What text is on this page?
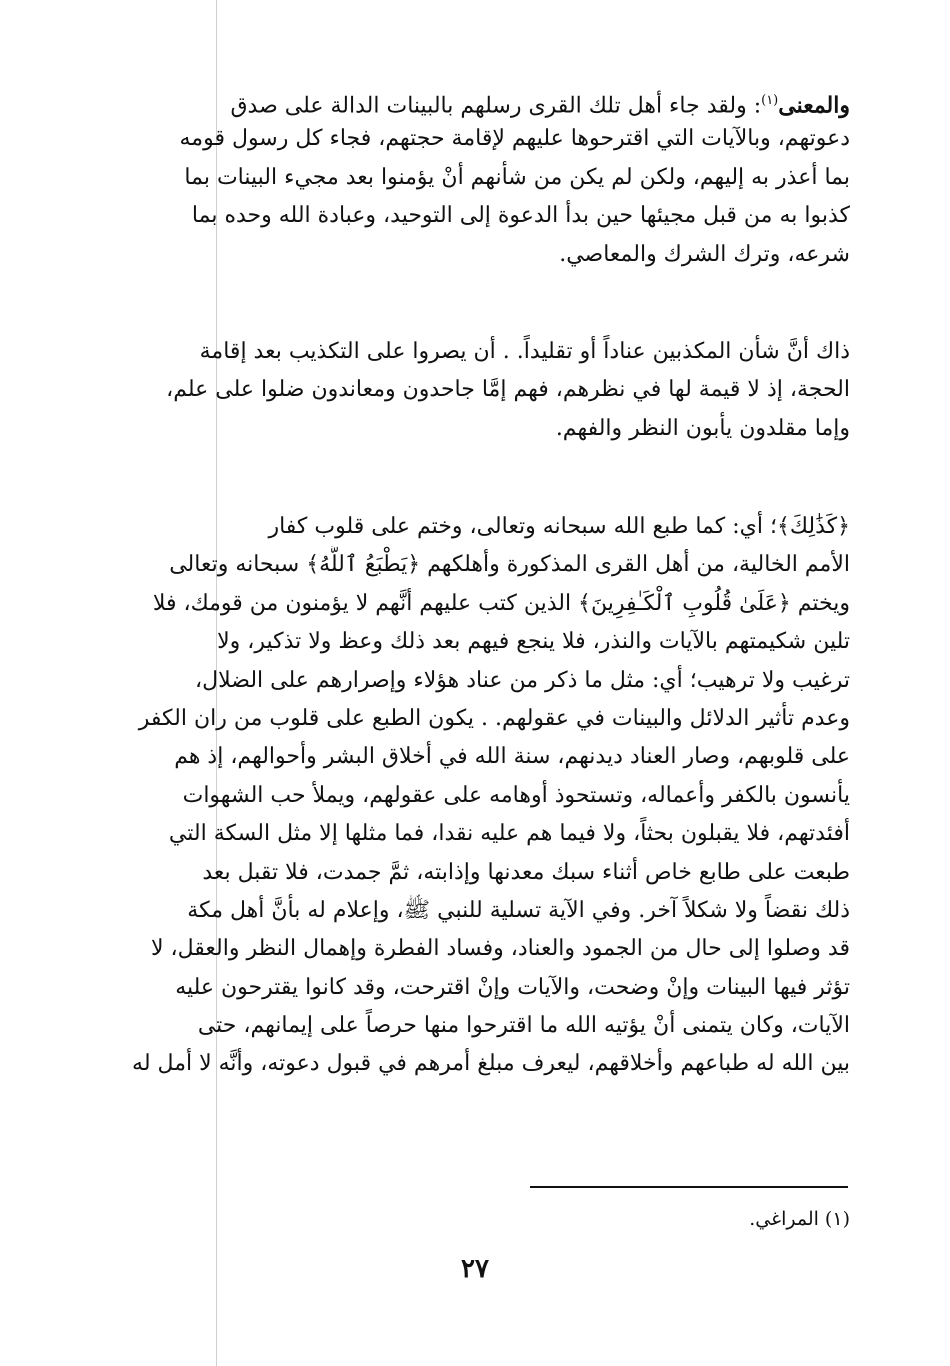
والمعنى$^{(١)}$: ولقد جاء أهل تلك القرى رسلهم بالبينات الدالة على صدق
دعوتهم، وبالآيات التي اقترحوها عليهم لإقامة حجتهم، فجاء كل رسول قومه
بما أعذر به إليهم، ولكن لم يكن من شأنهم أنْ يؤمنوا بعد مجيء البينات بما
كذبوا به من قبل مجيئها حين بدأ الدعوة إلى التوحيد، وعبادة الله وحده بما
شرعه، وترك الشرك والمعاصي.
ذاك أنَّ شأن المكذبين عناداً أو تقليداً. . أن يصروا على التكذيب بعد إقامة
الحجة، إذ لا قيمة لها في نظرهم، فهم إمَّا جاحدون ومعاندون ضلوا على علم،
وإما مقلدون يأبون النظر والفهم.
﴿كَذَٰلِكَ﴾؛ أي: كما طبع الله سبحانه وتعالى، وختم على قلوب كفار
الأمم الخالية، من أهل القرى المذكورة وأهلكهم ﴿يَطْبَعُ ٱللَّهُ﴾ سبحانه وتعالى
ويختم ﴿عَلَىٰ قُلُوبِ ٱلْكَـٰفِرِينَ﴾ الذين كتب عليهم أنَّهم لا يؤمنون من قومك، فلا
تلين شكيمتهم بالآيات والنذر، فلا ينجع فيهم بعد ذلك وعظ ولا تذكير، ولا
ترغيب ولا ترهيب؛ أي: مثل ما ذكر من عناد هؤلاء وإصرارهم على الضلال،
وعدم تأثير الدلائل والبينات في عقولهم. . يكون الطبع على قلوب من ران الكفر
على قلوبهم، وصار العناد ديدنهم، سنة الله في أخلاق البشر وأحوالهم، إذ هم
يأنسون بالكفر وأعماله، وتستحوذ أوهامه على عقولهم، ويملأ حب الشهوات
أفئدتهم، فلا يقبلون بحثاً، ولا فيما هم عليه نقدا، فما مثلها إلا مثل السكة التي
طبعت على طابع خاص أثناء سبك معدنها وإذابته، ثمَّ جمدت، فلا تقبل بعد
ذلك نقضاً ولا شكلاً آخر. وفي الآية تسلية للنبي ﷺ، وإعلام له بأنَّ أهل مكة
قد وصلوا إلى حال من الجمود والعناد، وفساد الفطرة وإهمال النظر والعقل، لا
تؤثر فيها البينات وإنْ وضحت، والآيات وإنْ اقترحت، وقد كانوا يقترحون عليه
الآيات، وكان يتمنى أنْ يؤتيه الله ما اقترحوا منها حرصاً على إيمانهم، حتى
بين الله له طباعهم وأخلاقهم، ليعرف مبلغ أمرهم في قبول دعوته، وأنَّه لا أمل له
(١) المراغي.
٢٧
